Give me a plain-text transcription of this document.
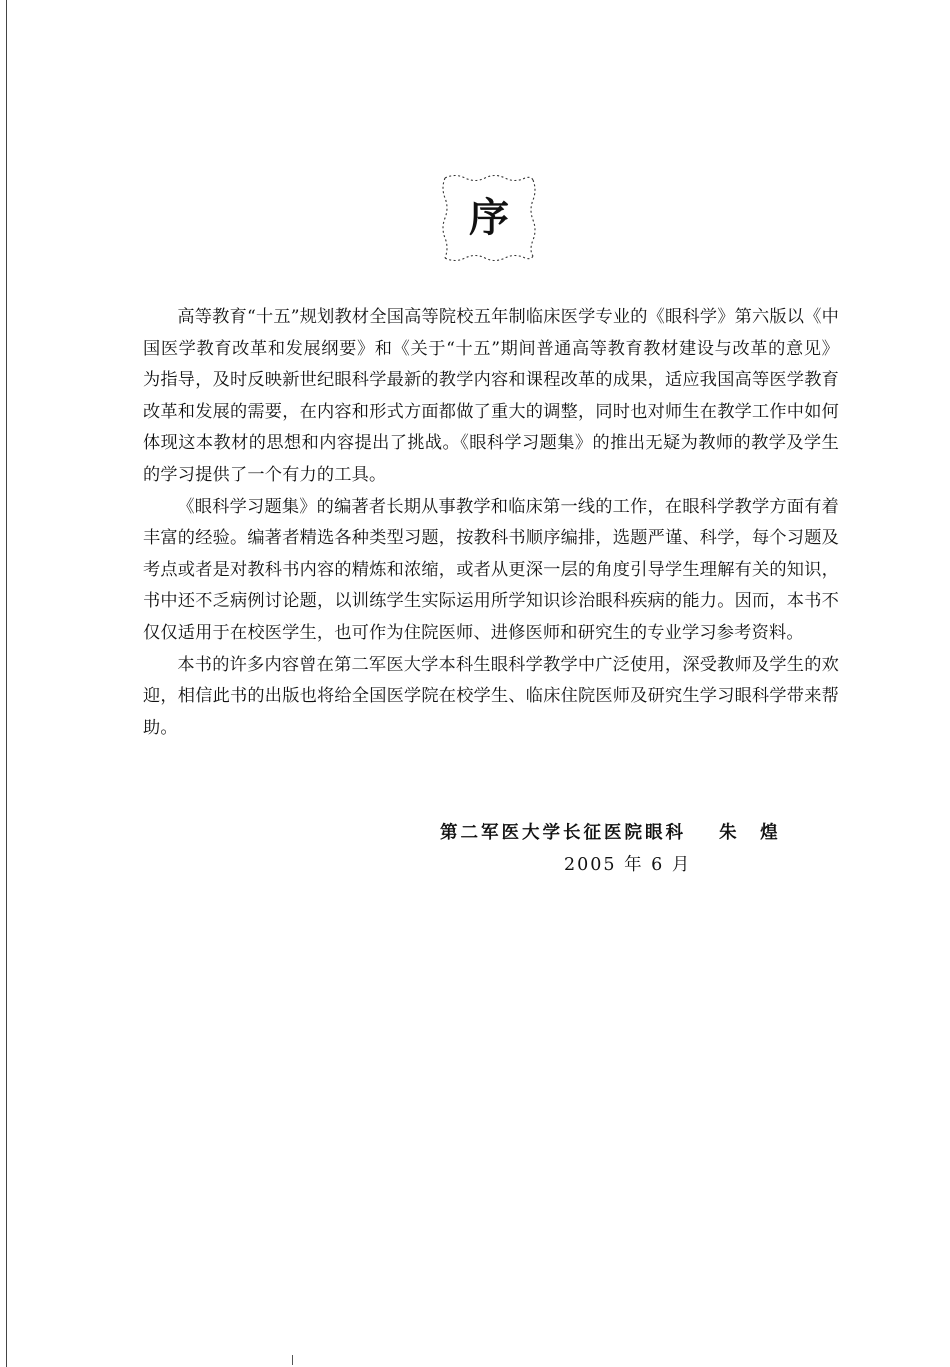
序

高等教育“十五”规划教材全国高等院校五年制临床医学专业的《眼科学》第六版以《中国医学教育改革和发展纲要》和《关于“十五”期间普通高等教育教材建设与改革的意见》为指导，及时反映新世纪眼科学最新的教学内容和课程改革的成果，适应我国高等医学教育改革和发展的需要，在内容和形式方面都做了重大的调整，同时也对师生在教学工作中如何体现这本教材的思想和内容提出了挑战。《眼科学习题集》的推出无疑为教师的教学及学生的学习提供了一个有力的工具。

《眼科学习题集》的编著者长期从事教学和临床第一线的工作，在眼科学教学方面有着丰富的经验。编著者精选各种类型习题，按教科书顺序编排，选题严谨、科学，每个习题及考点或者是对教科书内容的精炼和浓缩，或者从更深一层的角度引导学生理解有关的知识，书中还不乏病例讨论题，以训练学生实际运用所学知识诊治眼科疾病的能力。因而，本书不仅仅适用于在校医学生，也可作为住院医师、进修医师和研究生的专业学习参考资料。

本书的许多内容曾在第二军医大学本科生眼科学教学中广泛使用，深受教师及学生的欢迎，相信此书的出版也将给全国医学院在校学生、临床住院医师及研究生学习眼科学带来帮助。

第二军医大学长征医院眼科 朱　煌
2005 年 6 月
